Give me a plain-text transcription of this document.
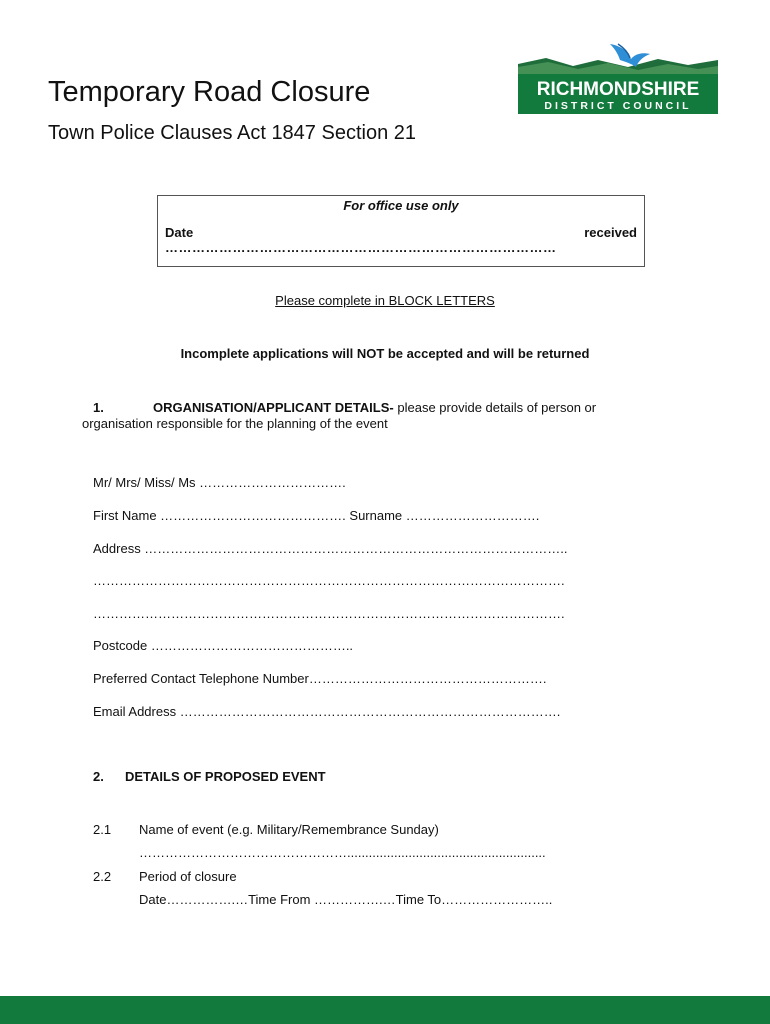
Temporary Road Closure
Town Police Clauses Act 1847 Section 21
RICHMONDSHIRE
DISTRICT COUNCIL
For office use only
Date	received
……………………………………………………………………………
Please complete in BLOCK LETTERS
Incomplete applications will NOT be accepted and will be returned
1.	ORGANISATION/APPLICANT DETAILS- please provide details of person or
organisation responsible for the planning of the event
Mr/ Mrs/ Miss/ Ms …………………………….
First Name ……………………………………. Surname ………………………….
Address ……………………………………………………………………………………..
……………………………………………………………………………………………….
……………………………………………………………………………………………….
Postcode ………………………………………..
Preferred Contact Telephone Number……………………………………………….
Email Address …………………………………………………………………………….
2. DETAILS OF PROPOSED EVENT
2.1 Name of event (e.g. Military/Remembrance Sunday)
………………………………………….......................................................
2.2 Period of closure
Date…………….…Time From …………….…Time To……………………..
